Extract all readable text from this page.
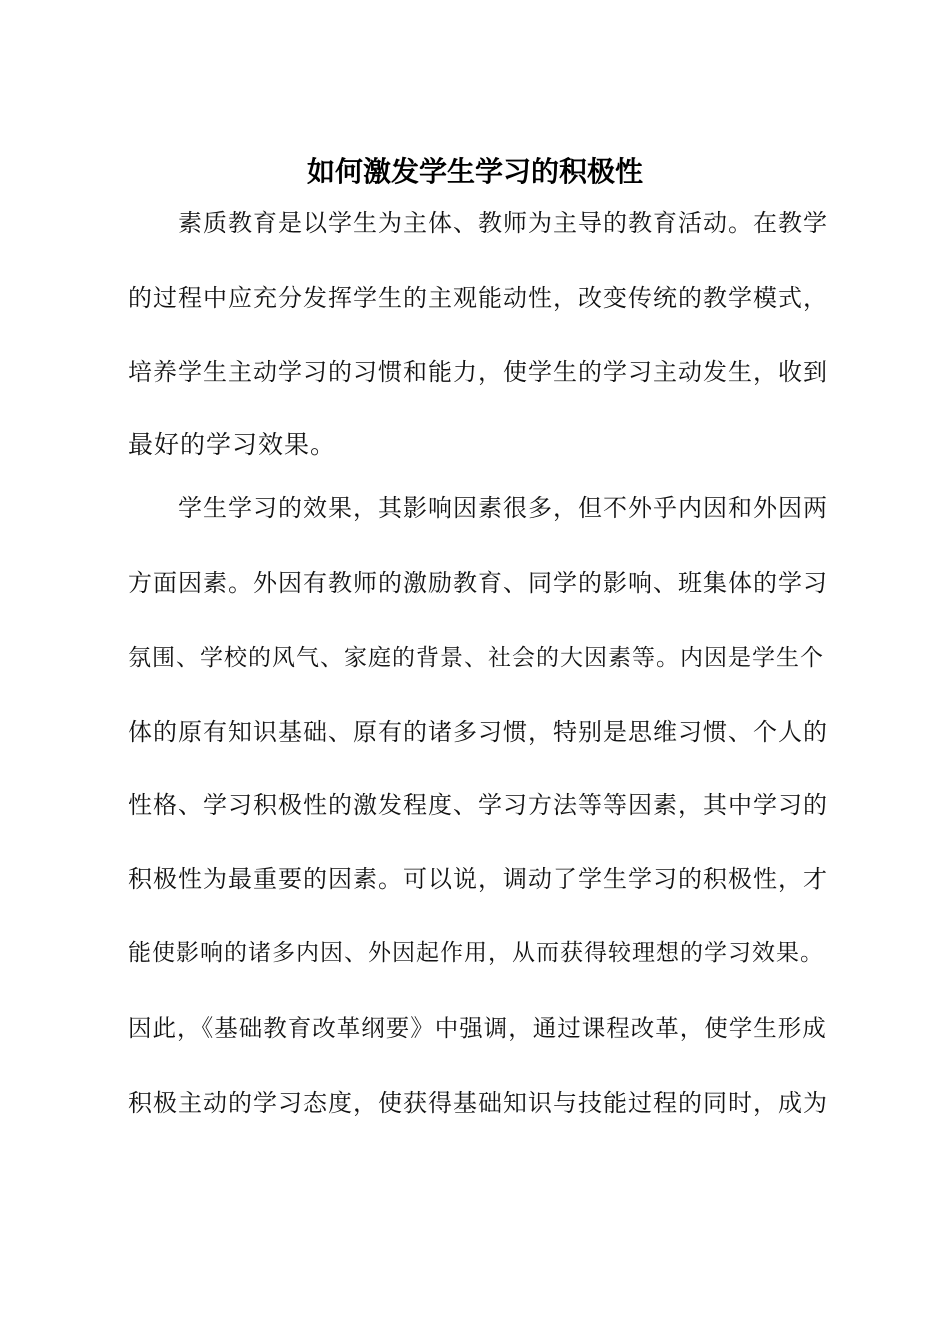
如何激发学生学习的积极性

素质教育是以学生为主体、教师为主导的教育活动。在教学

的过程中应充分发挥学生的主观能动性，改变传统的教学模式，

培养学生主动学习的习惯和能力，使学生的学习主动发生，收到

最好的学习效果。

学生学习的效果，其影响因素很多，但不外乎内因和外因两

方面因素。外因有教师的激励教育、同学的影响、班集体的学习

氛围、学校的风气、家庭的背景、社会的大因素等。内因是学生个

体的原有知识基础、原有的诸多习惯，特别是思维习惯、个人的

性格、学习积极性的激发程度、学习方法等等因素，其中学习的

积极性为最重要的因素。可以说，调动了学生学习的积极性，才

能使影响的诸多内因、外因起作用，从而获得较理想的学习效果。

因此，《基础教育改革纲要》中强调，通过课程改革，使学生形成

积极主动的学习态度，使获得基础知识与技能过程的同时，成为
